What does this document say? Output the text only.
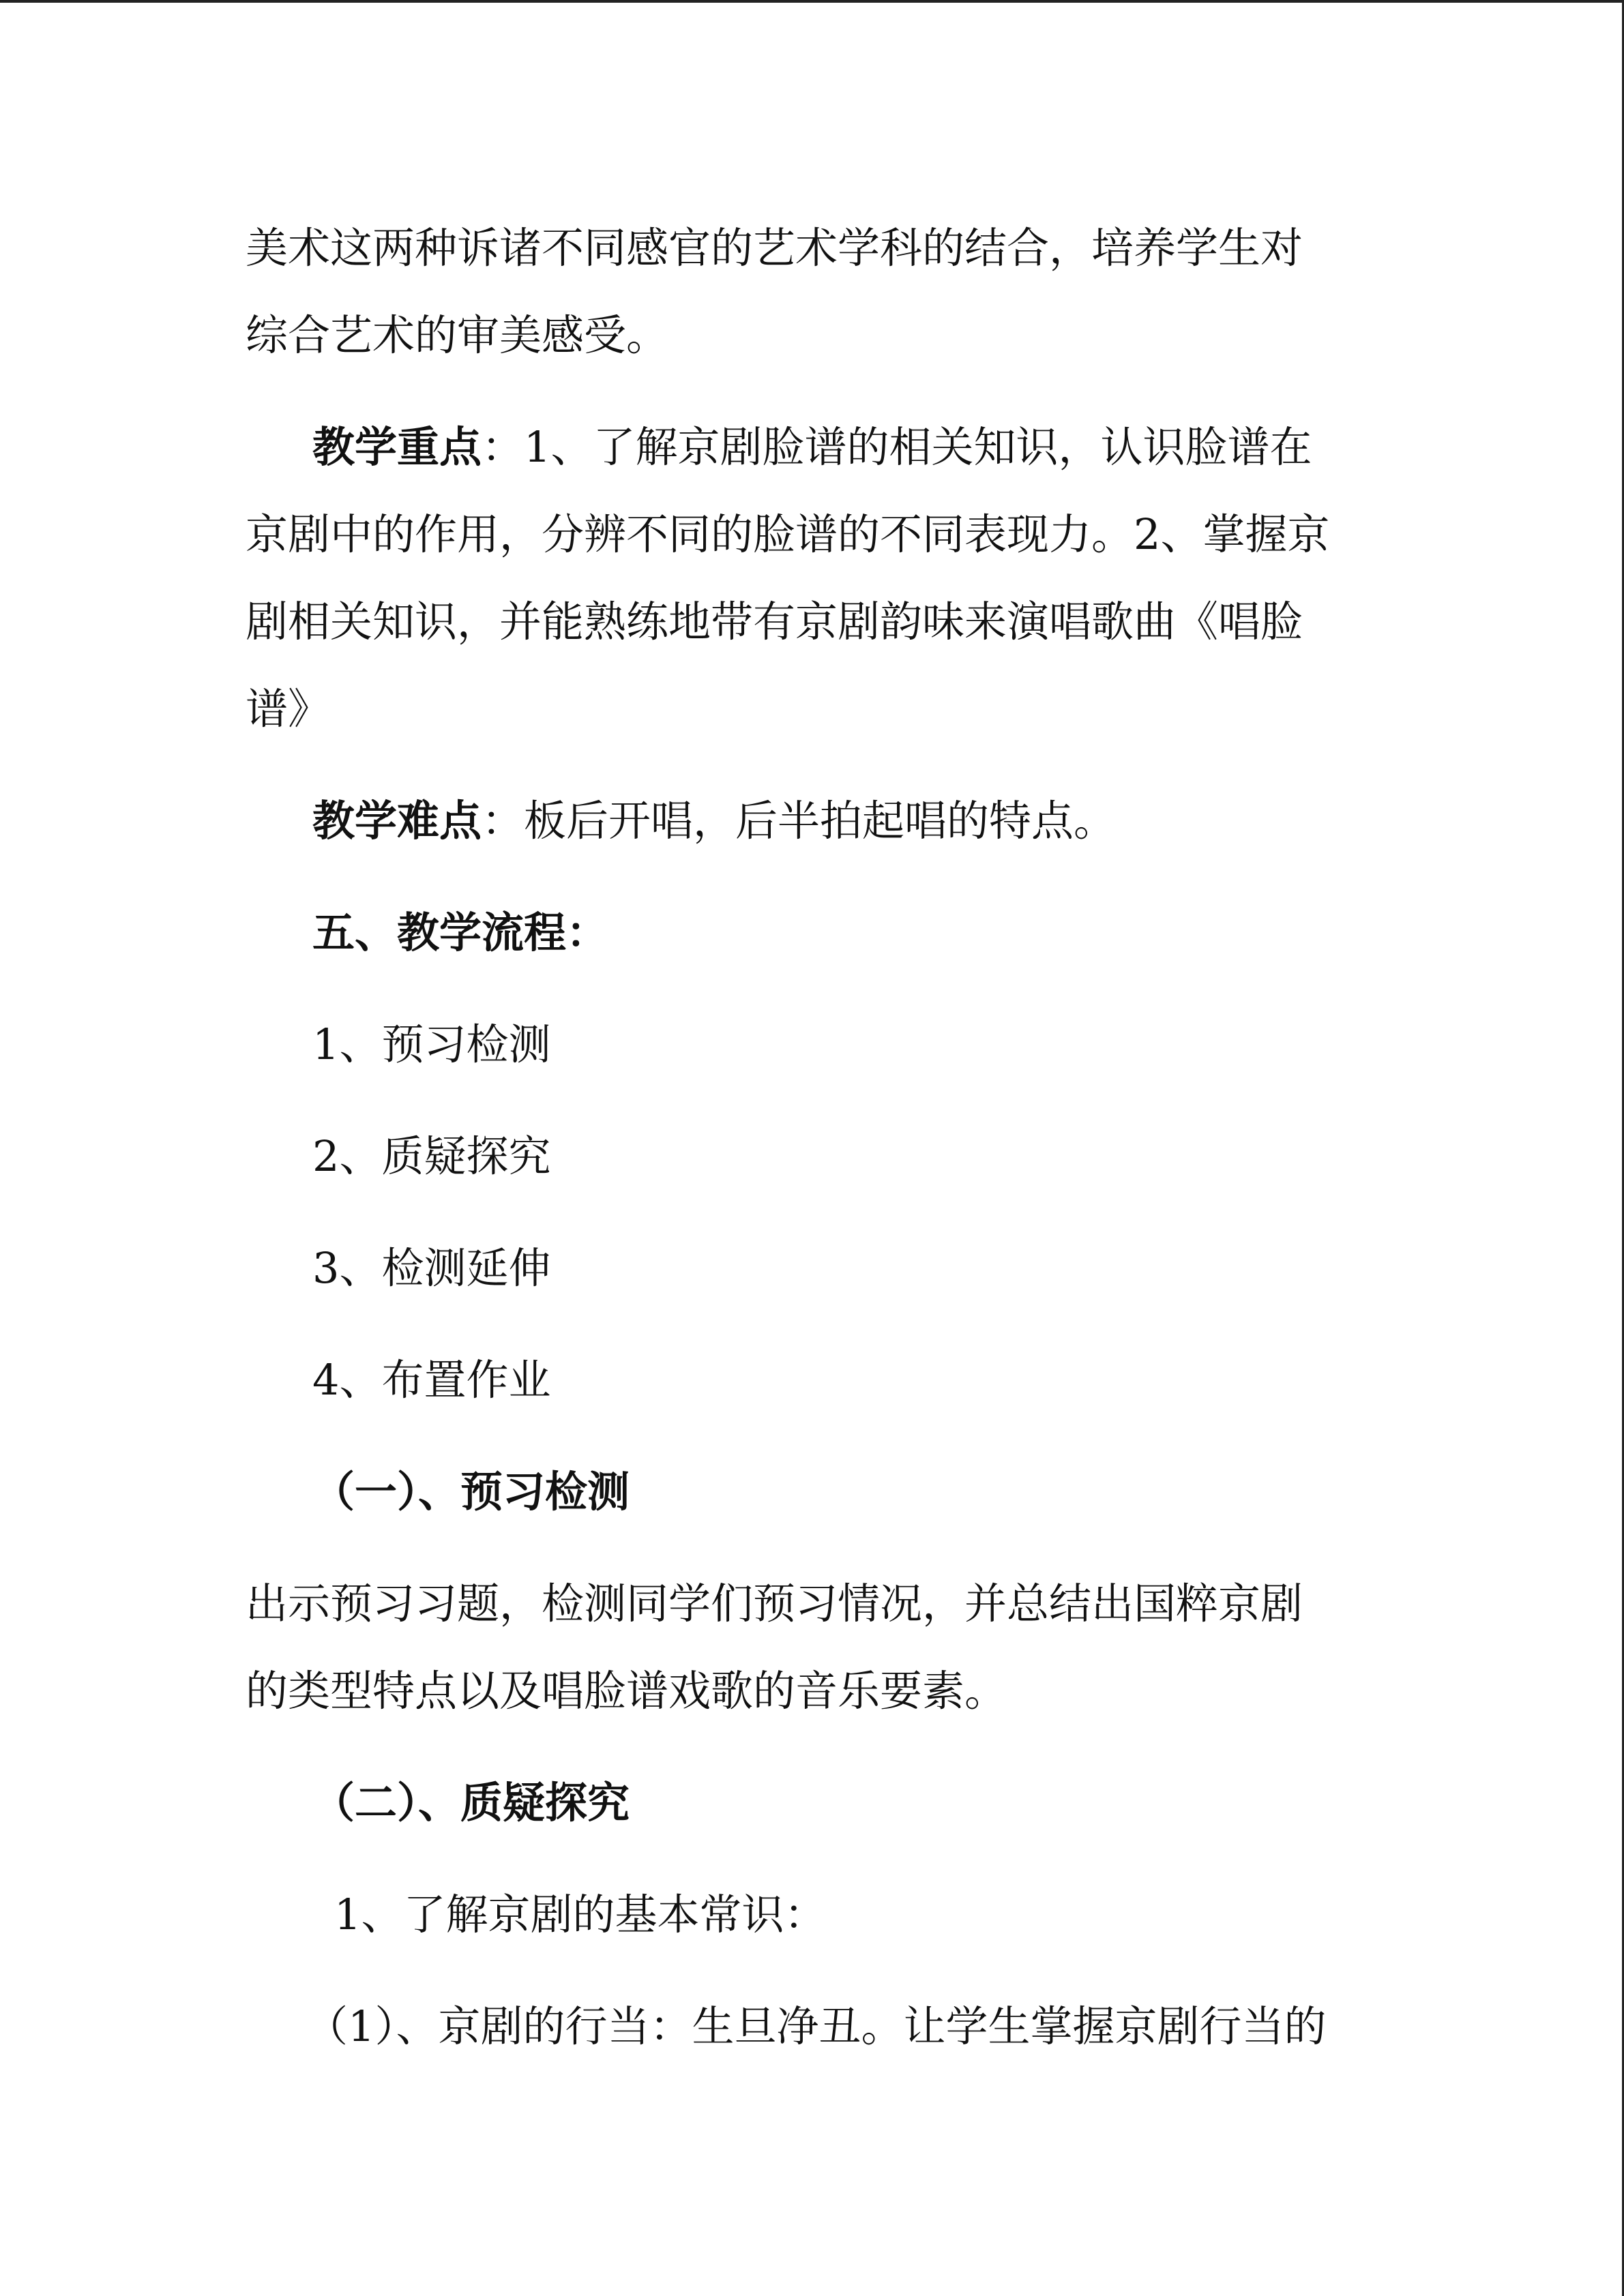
美术这两种诉诸不同感官的艺术学科的结合，培养学生对
综合艺术的审美感受。

教学重点：1、了解京剧脸谱的相关知识，认识脸谱在
京剧中的作用，分辨不同的脸谱的不同表现力。2、掌握京
剧相关知识，并能熟练地带有京剧韵味来演唱歌曲《唱脸
谱》

教学难点：板后开唱，后半拍起唱的特点。

五、教学流程：

1、预习检测

2、质疑探究

3、检测延伸

4、布置作业

（一）、预习检测

出示预习习题，检测同学们预习情况，并总结出国粹京剧
的类型特点以及唱脸谱戏歌的音乐要素。

（二）、质疑探究

1、了解京剧的基本常识：

（1）、京剧的行当：生旦净丑。让学生掌握京剧行当的
